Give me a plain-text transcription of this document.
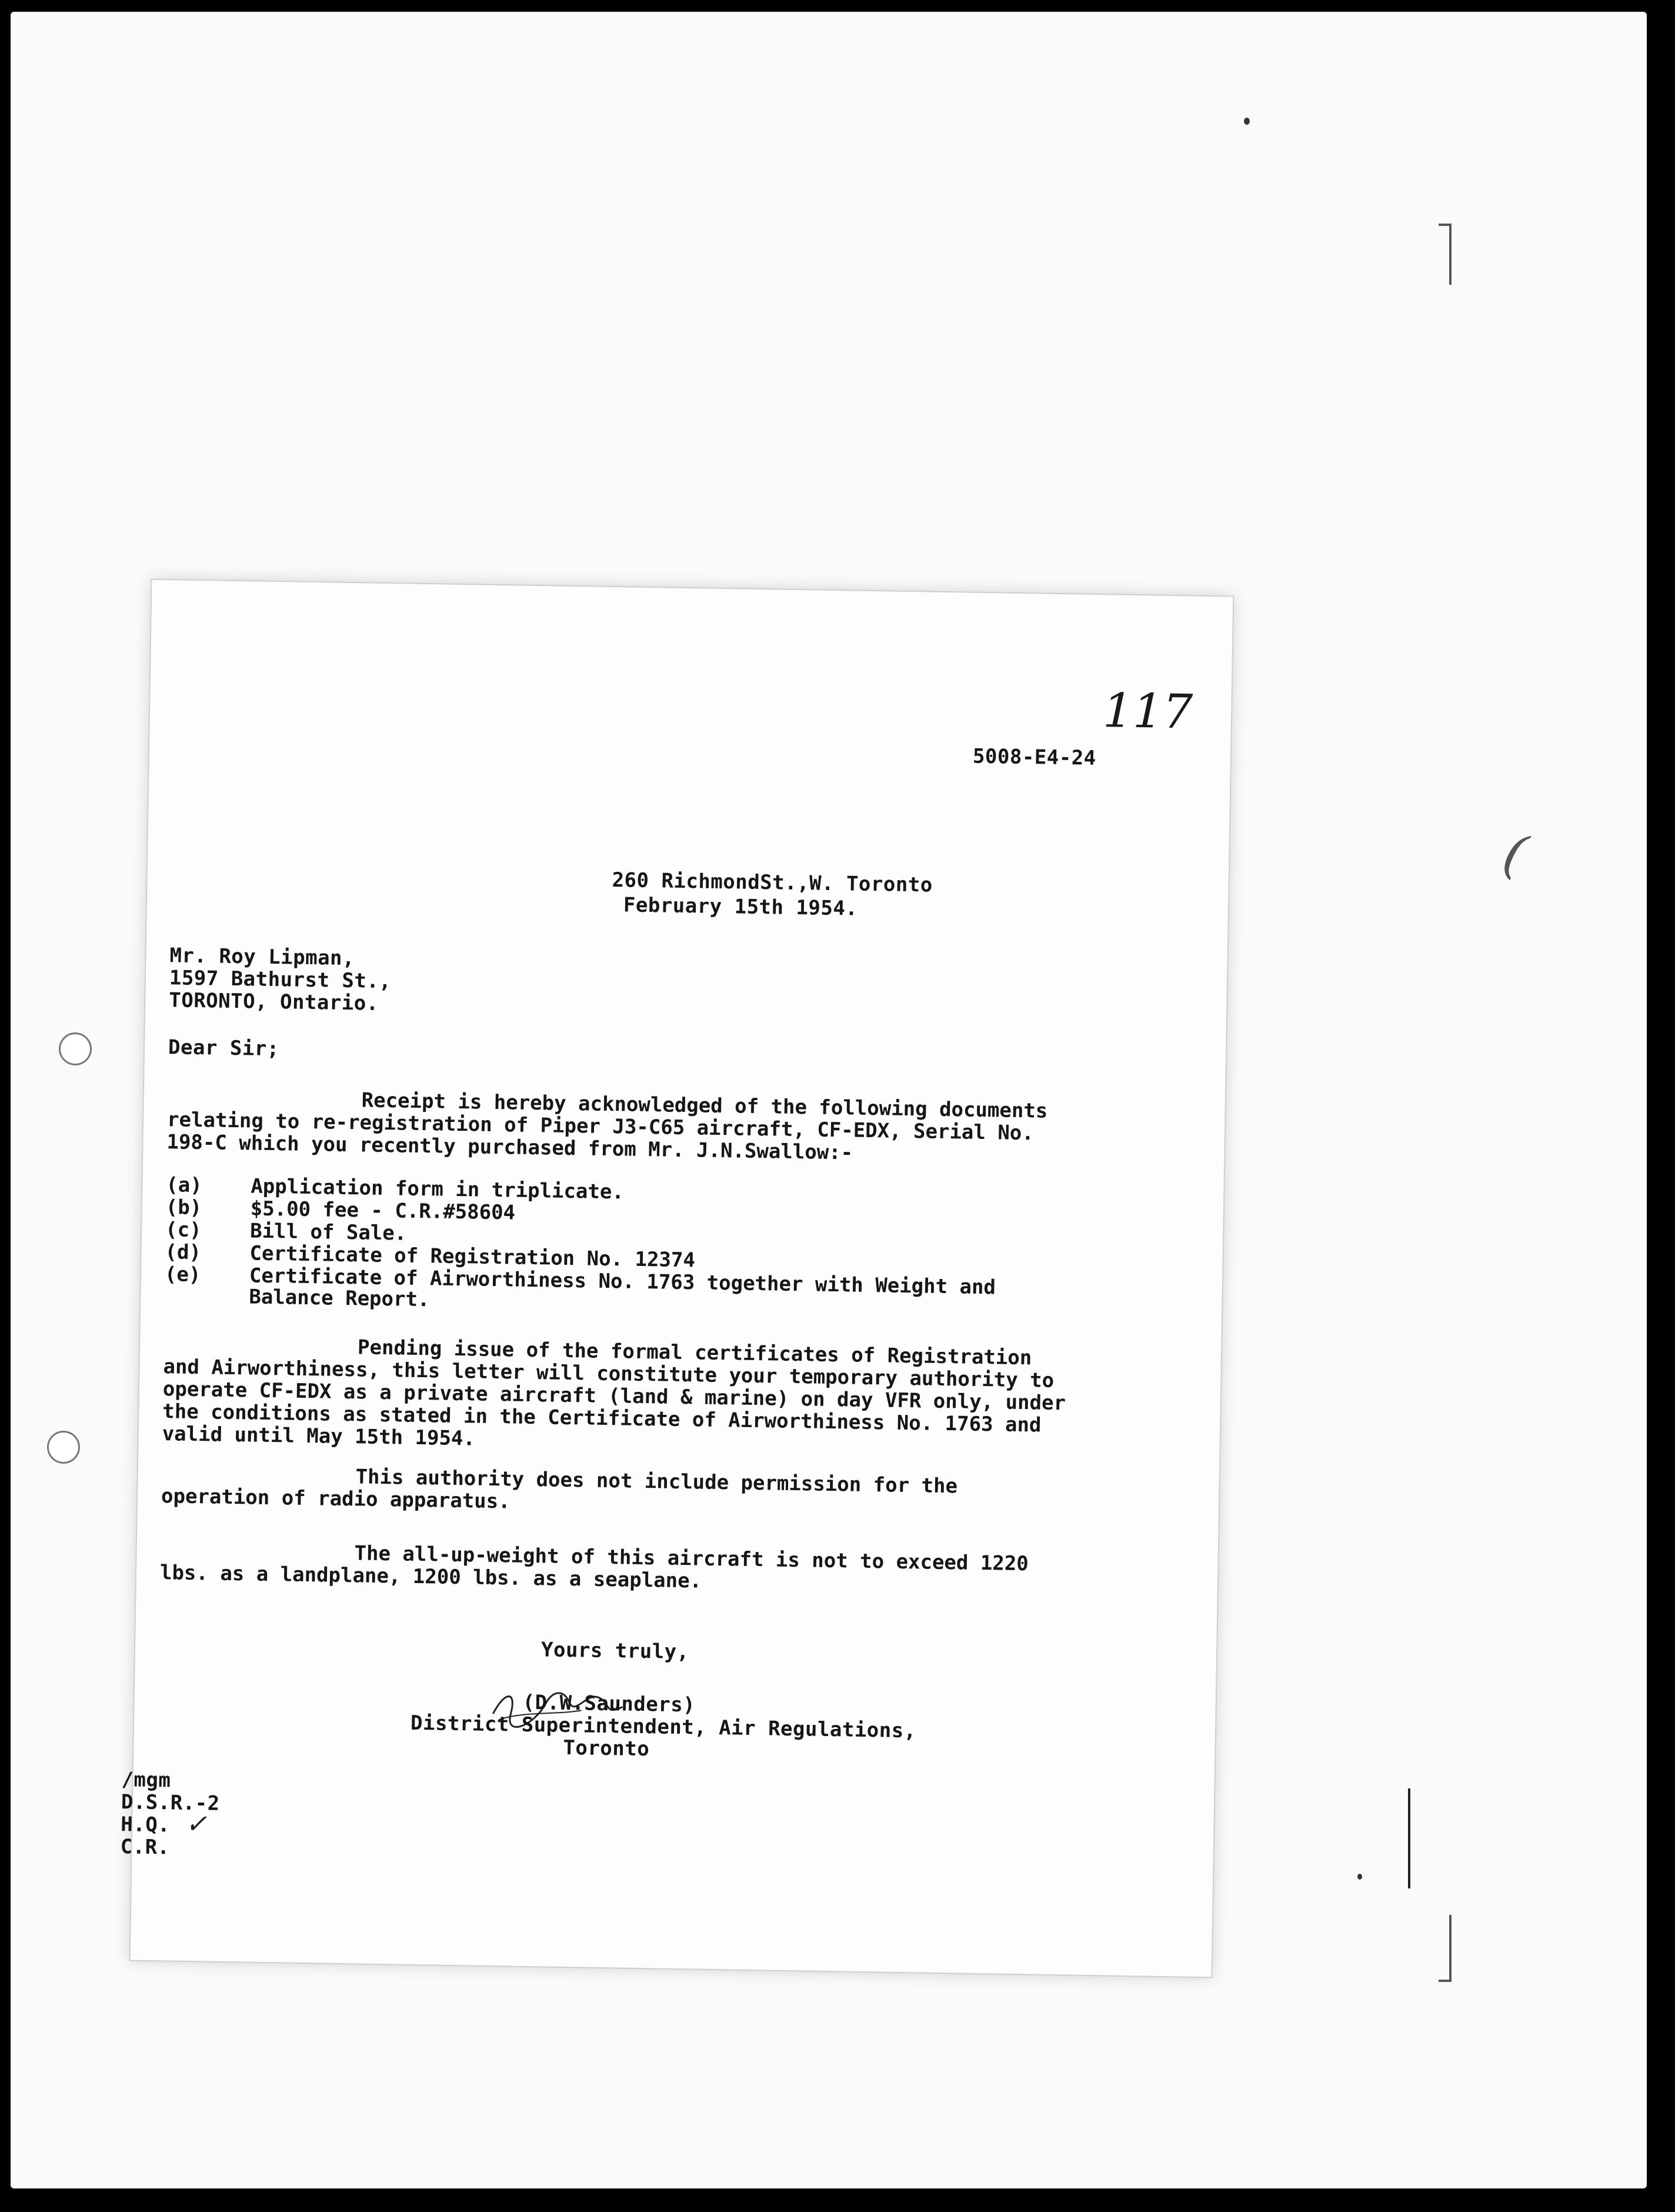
(
117
5008-E4-24
260 RichmondSt.,W. Toronto
February 15th 1954.
Mr. Roy Lipman,
1597 Bathurst St.,
TORONTO, Ontario.
Dear Sir;
Receipt is hereby acknowledged of the following documents relating to re-registration of Piper J3-C65 aircraft, CF-EDX, Serial No. 198-C which you recently purchased from Mr. J.N.Swallow:-
(a)	Application form in triplicate.
(b)	$5.00 fee - C.R.#58604
(c)	Bill of Sale.
(d)	Certificate of Registration No. 12374
(e)	Certificate of Airworthiness No. 1763 together with Weight and Balance Report.
Pending issue of the formal certificates of Registration and Airworthiness, this letter will constitute your temporary authority to operate CF-EDX as a private aircraft (land & marine) on day VFR only, under the conditions as stated in the Certificate of Airworthiness No. 1763 and valid until May 15th 1954.
This authority does not include permission for the operation of radio apparatus.
The all-up-weight of this aircraft is not to exceed 1220 lbs. as a landplane, 1200 lbs. as a seaplane.
Yours truly,
(D.W.Saunders)
District Superintendent, Air Regulations,
Toronto
/mgm
D.S.R.-2
H.Q. ✓
C.R.
